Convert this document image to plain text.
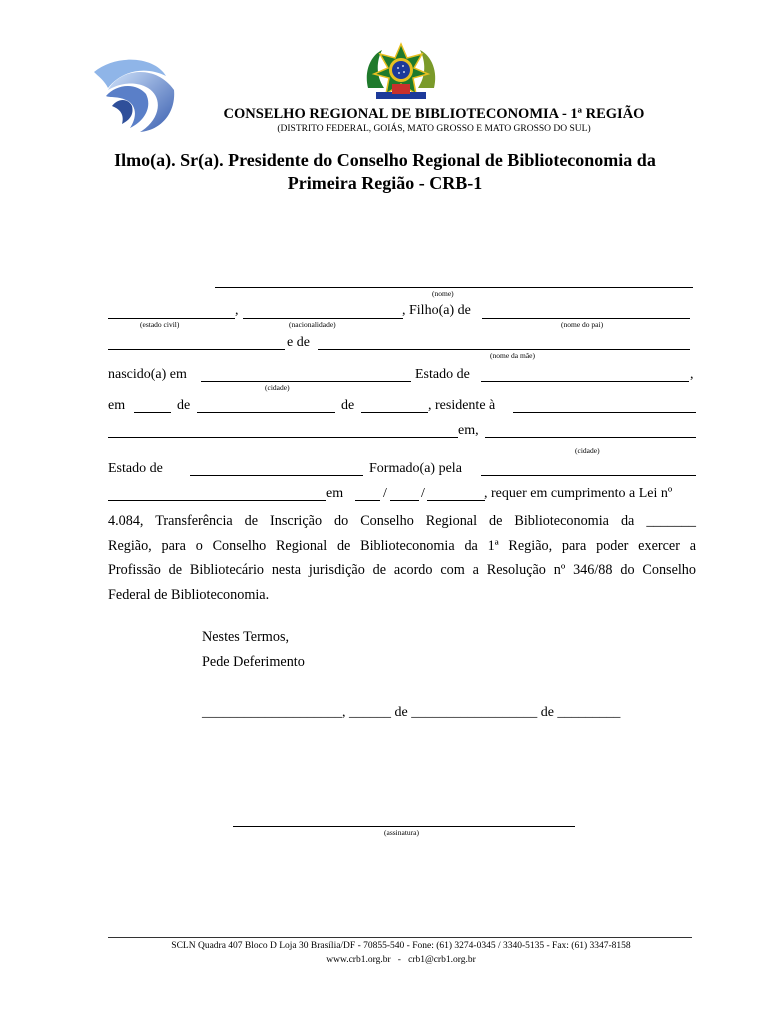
CONSELHO REGIONAL DE BIBLIOTECONOMIA - 1ª REGIÃO
(DISTRITO FEDERAL, GOIÁS, MATO GROSSO E MATO GROSSO DO SUL)
Ilmo(a). Sr(a). Presidente do Conselho Regional de Biblioteconomia da
Primeira Região - CRB-1
(nome)
,	, Filho(a) de
(estado civil)	(nacionalidade)	(nome do pai)
e de
(nome da mãe)
nascido(a) em	Estado de	,
(cidade)
em	de	de	, residente à
em,
(cidade)
Estado de	Formado(a) pela
em	/ /	, requer em cumprimento a Lei nº
4.084, Transferência de Inscrição do Conselho Regional de Biblioteconomia da _______
Região, para o Conselho Regional de Biblioteconomia da 1ª Região, para poder exercer a
Profissão de Bibliotecário nesta jurisdição de acordo com a Resolução nº 346/88 do Conselho
Federal de Biblioteconomia.
Nestes Termos,
Pede Deferimento
____________________, ______ de __________________ de _________
(assinatura)
SCLN Quadra 407 Bloco D Loja 30 Brasília/DF - 70855-540 - Fone: (61) 3274-0345 / 3340-5135 - Fax: (61) 3347-8158
www.crb1.org.br - crb1@crb1.org.br
